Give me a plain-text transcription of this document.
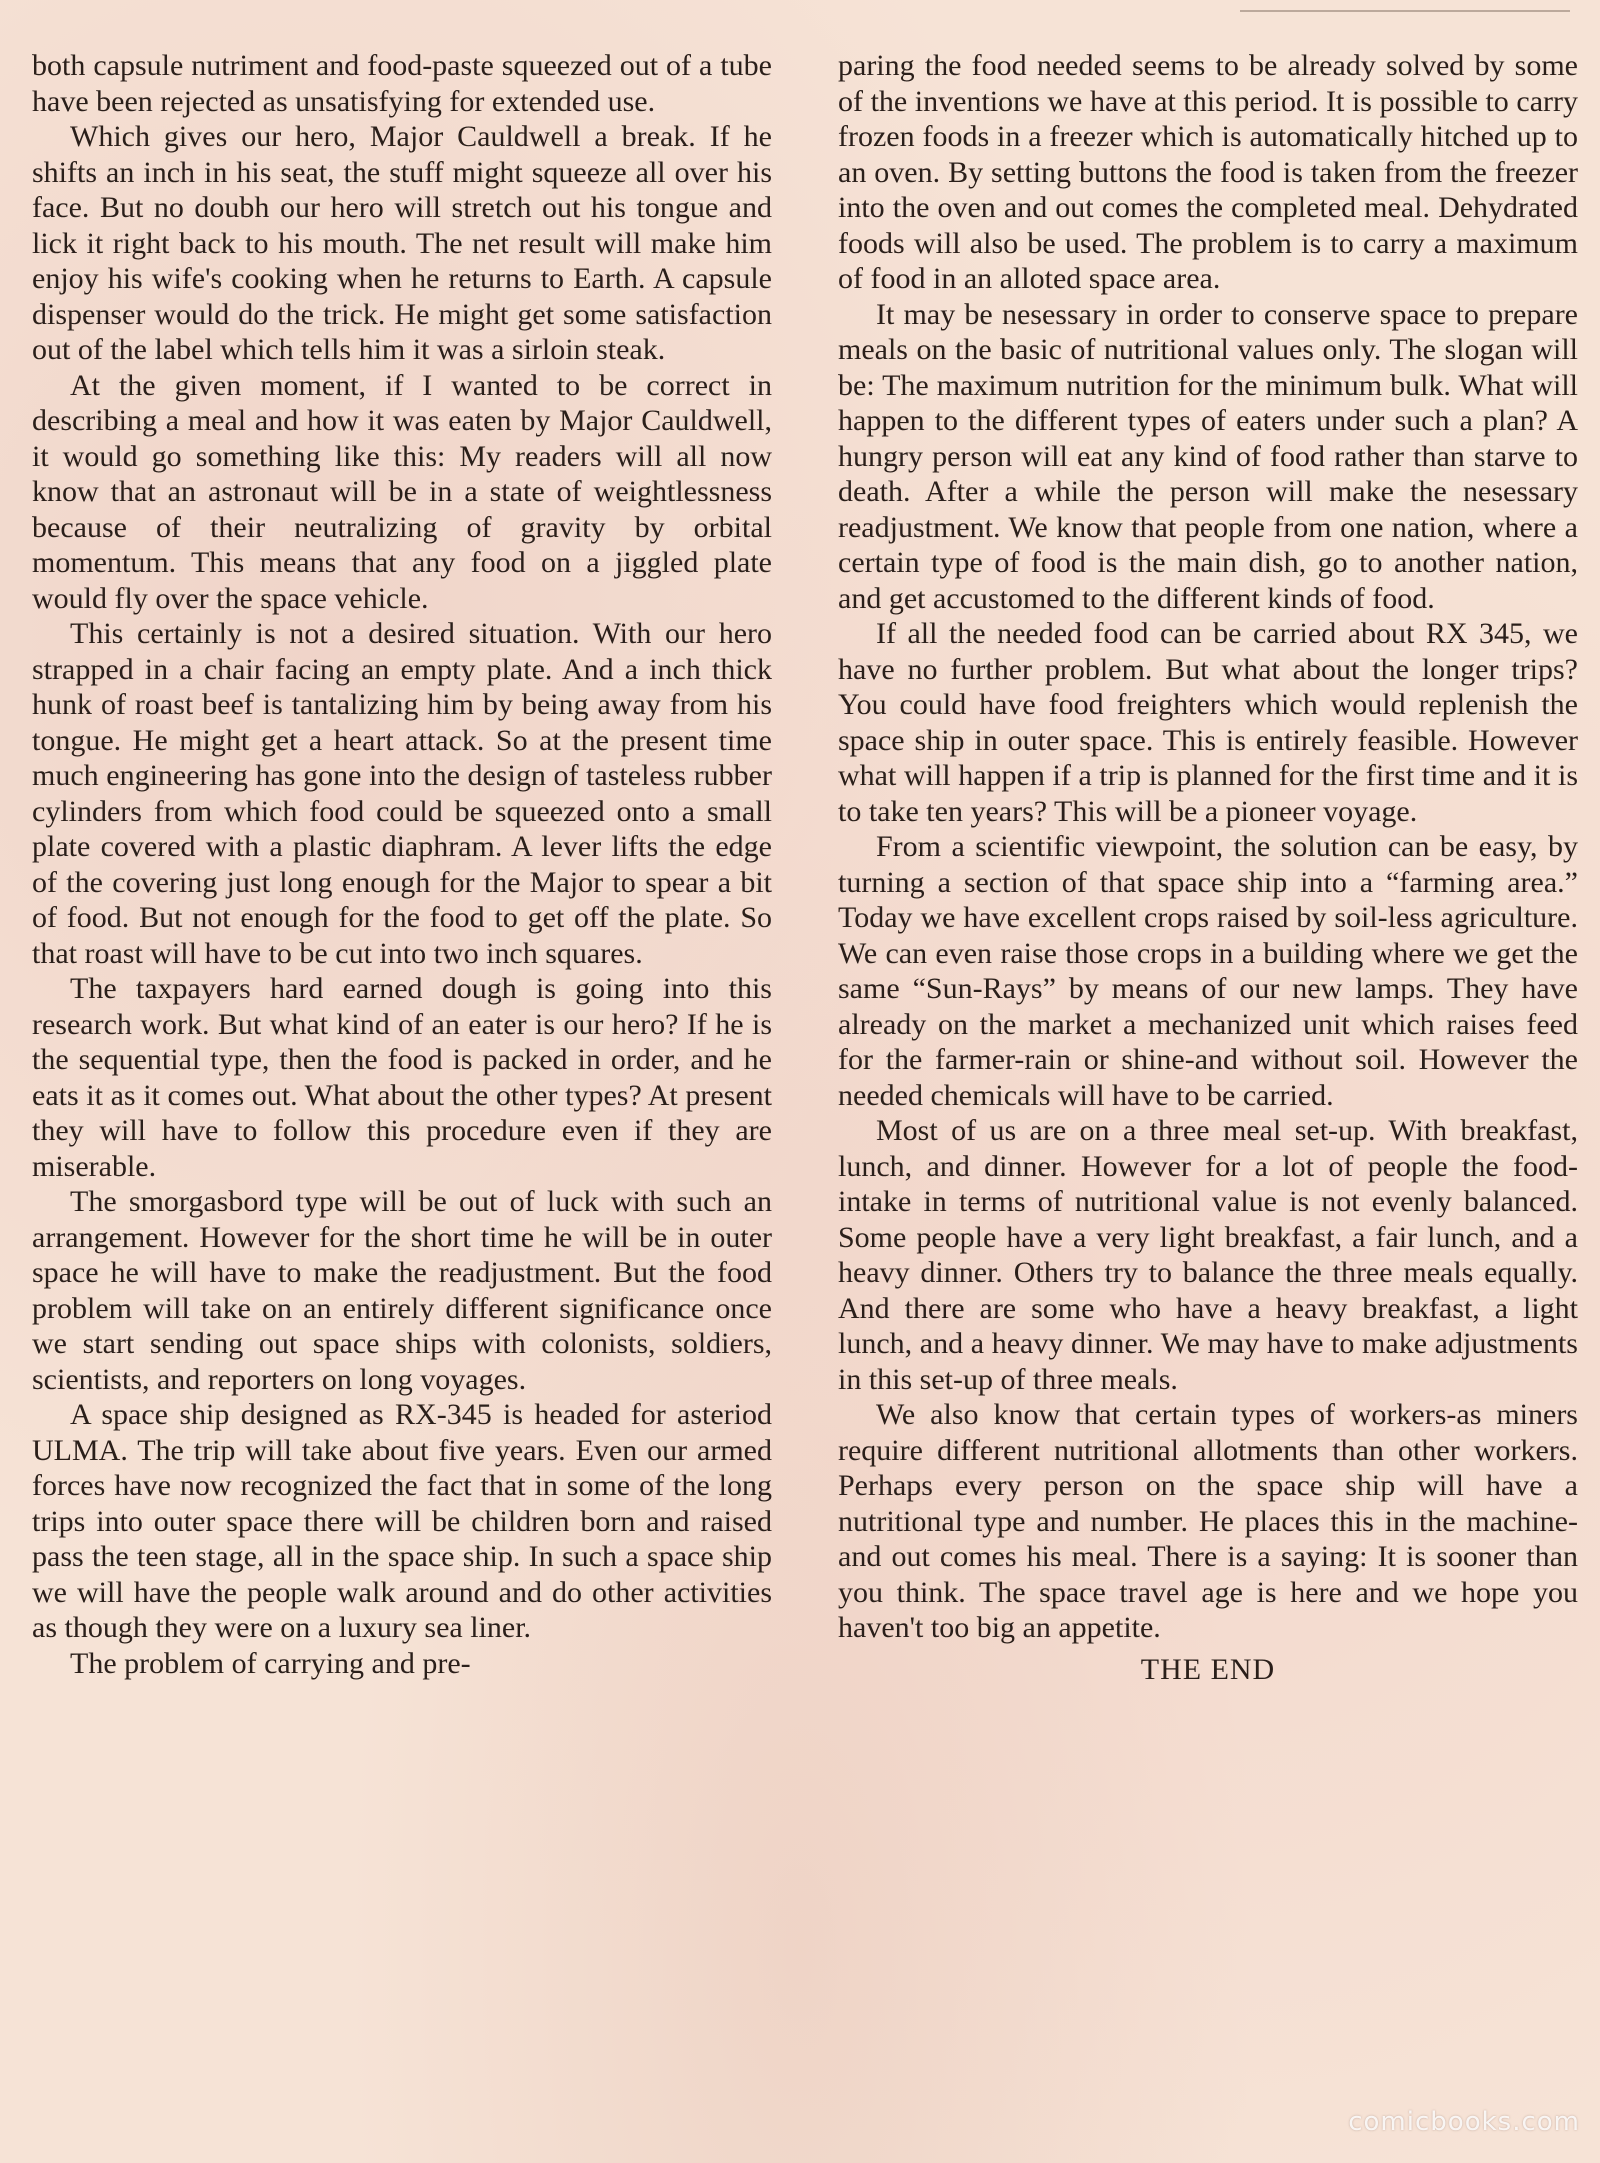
both capsule nutriment and food-paste squeezed out of a tube have been rejected as unsatisfying for extended use.

Which gives our hero, Major Cauldwell a break. If he shifts an inch in his seat, the stuff might squeeze all over his face. But no doubh our hero will stretch out his tongue and lick it right back to his mouth. The net result will make him enjoy his wife's cooking when he returns to Earth. A capsule dispenser would do the trick. He might get some satisfaction out of the label which tells him it was a sirloin steak.

At the given moment, if I wanted to be correct in describing a meal and how it was eaten by Major Cauldwell, it would go something like this: My readers will all now know that an astronaut will be in a state of weightlessness because of their neutralizing of gravity by orbital momentum. This means that any food on a jiggled plate would fly over the space vehicle.

This certainly is not a desired situation. With our hero strapped in a chair facing an empty plate. And a inch thick hunk of roast beef is tantalizing him by being away from his tongue. He might get a heart attack. So at the present time much engineering has gone into the design of tasteless rubber cylinders from which food could be squeezed onto a small plate covered with a plastic diaphram. A lever lifts the edge of the covering just long enough for the Major to spear a bit of food. But not enough for the food to get off the plate. So that roast will have to be cut into two inch squares.

The taxpayers hard earned dough is going into this research work. But what kind of an eater is our hero? If he is the sequential type, then the food is packed in order, and he eats it as it comes out. What about the other types? At present they will have to follow this procedure even if they are miserable.

The smorgasbord type will be out of luck with such an arrangement. However for the short time he will be in outer space he will have to make the readjustment. But the food problem will take on an entirely different significance once we start sending out space ships with colonists, soldiers, scientists, and reporters on long voyages.

A space ship designed as RX-345 is headed for asteriod ULMA. The trip will take about five years. Even our armed forces have now recognized the fact that in some of the long trips into outer space there will be children born and raised pass the teen stage, all in the space ship. In such a space ship we will have the people walk around and do other activities as though they were on a luxury sea liner.

The problem of carrying and pre-

paring the food needed seems to be already solved by some of the inventions we have at this period. It is possible to carry frozen foods in a freezer which is automatically hitched up to an oven. By setting buttons the food is taken from the freezer into the oven and out comes the completed meal. Dehydrated foods will also be used. The problem is to carry a maximum of food in an alloted space area.

It may be nesessary in order to conserve space to prepare meals on the basic of nutritional values only. The slogan will be: The maximum nutrition for the minimum bulk. What will happen to the different types of eaters under such a plan? A hungry person will eat any kind of food rather than starve to death. After a while the person will make the nesessary readjustment. We know that people from one nation, where a certain type of food is the main dish, go to another nation, and get accustomed to the different kinds of food.

If all the needed food can be carried about RX 345, we have no further problem. But what about the longer trips? You could have food freighters which would replenish the space ship in outer space. This is entirely feasible. However what will happen if a trip is planned for the first time and it is to take ten years? This will be a pioneer voyage.

From a scientific viewpoint, the solution can be easy, by turning a section of that space ship into a “farming area.” Today we have excellent crops raised by soil-less agriculture. We can even raise those crops in a building where we get the same “Sun-Rays” by means of our new lamps. They have already on the market a mechanized unit which raises feed for the farmer-rain or shine-and without soil. However the needed chemicals will have to be carried.

Most of us are on a three meal set-up. With breakfast, lunch, and dinner. However for a lot of people the food-intake in terms of nutritional value is not evenly balanced. Some people have a very light breakfast, a fair lunch, and a heavy dinner. Others try to balance the three meals equally. And there are some who have a heavy breakfast, a light lunch, and a heavy dinner. We may have to make adjustments in this set-up of three meals.

We also know that certain types of workers-as miners require different nutritional allotments than other workers. Perhaps every person on the space ship will have a nutritional type and number. He places this in the machine-and out comes his meal. There is a saying: It is sooner than you think. The space travel age is here and we hope you haven't too big an appetite.

THE END
comicbooks.com
